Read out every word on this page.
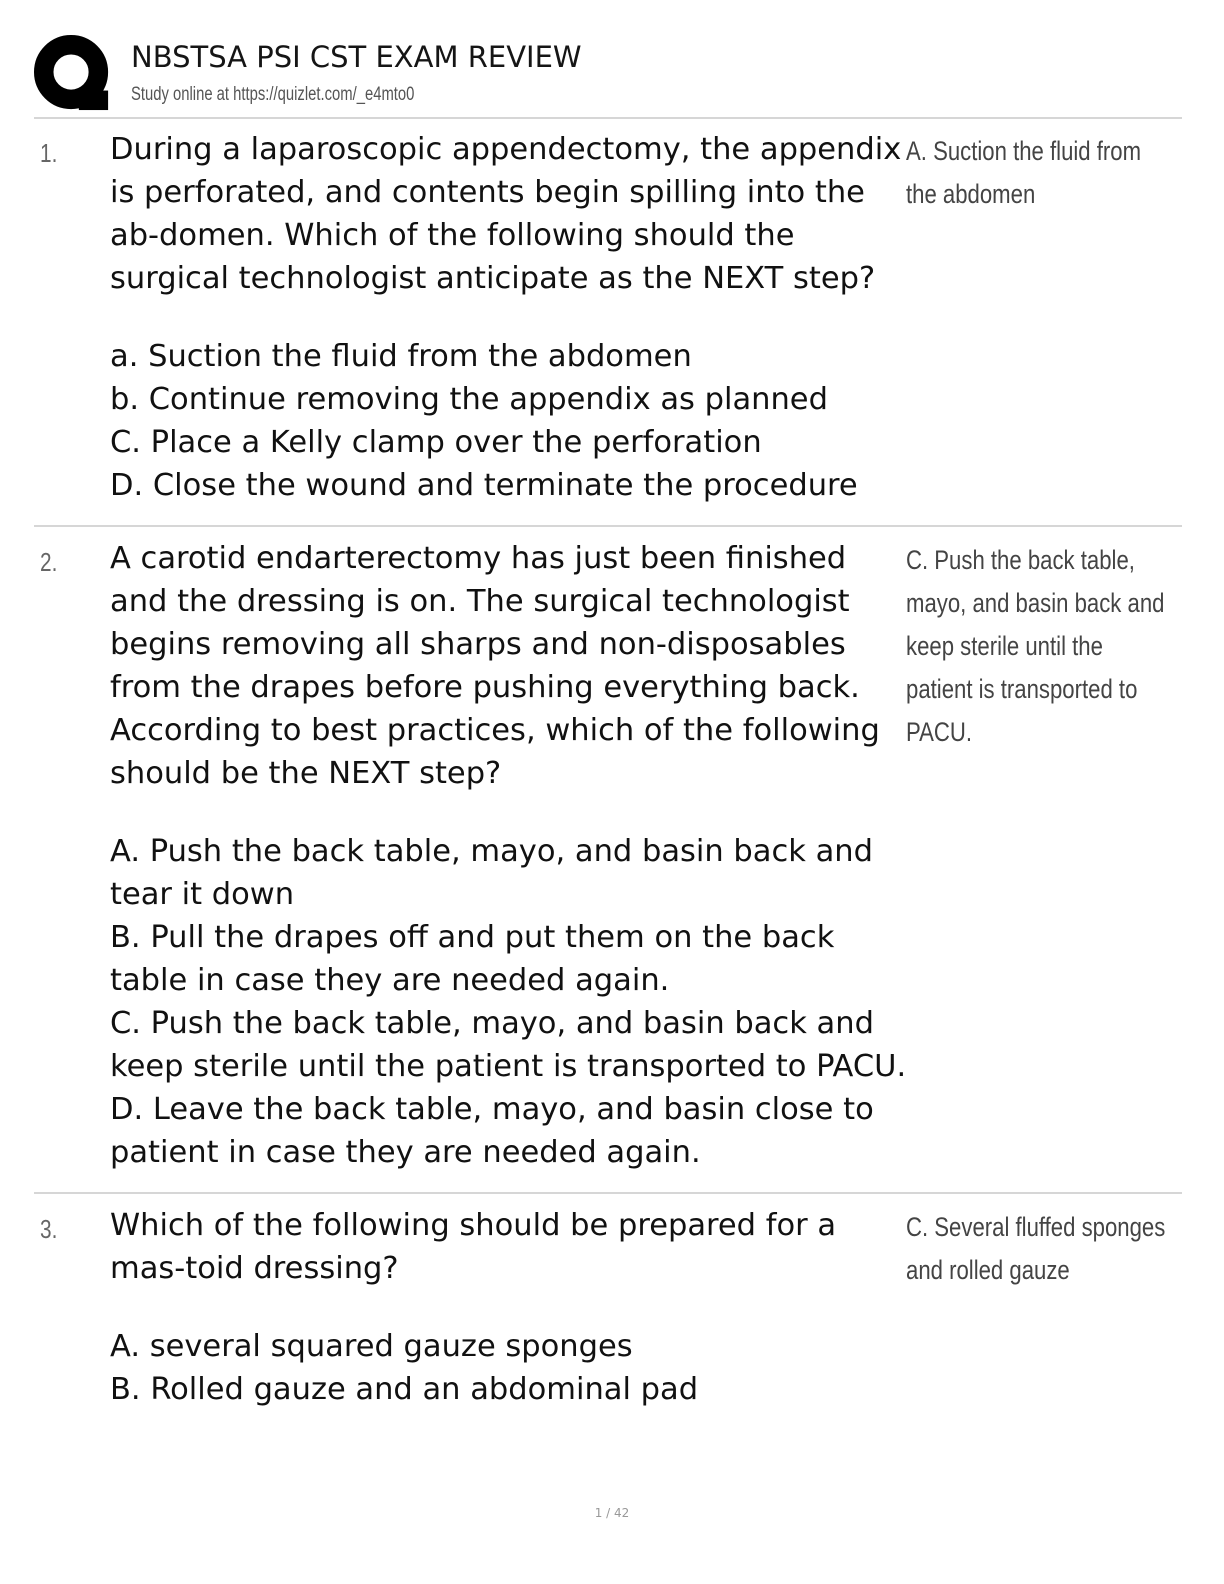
NBSTSA PSI CST EXAM REVIEW
Study online at https://quizlet.com/_e4mto0
1. During a laparoscopic appendectomy, the appendix is perforated, and contents begin spilling into the ab-domen. Which of the following should the surgical technologist anticipate as the NEXT step?

a. Suction the fluid from the abdomen

b. Continue removing the appendix as planned

C. Place a Kelly clamp over the perforation

D. Close the wound and terminate the procedure

A. Suction the fluid from the abdomen
2. A carotid endarterectomy has just been finished and the dressing is on. The surgical technologist begins removing all sharps and non-disposables from the drapes before pushing everything back. According to best practices, which of the following should be the NEXT step?

A. Push the back table, mayo, and basin back and tear it down

B. Pull the drapes off and put them on the back table in case they are needed again.

C. Push the back table, mayo, and basin back and keep sterile until the patient is transported to PACU.

D. Leave the back table, mayo, and basin close to patient in case they are needed again.

C. Push the back table, mayo, and basin back and keep sterile until the patient is transported to PACU.
3. Which of the following should be prepared for a mas-toid dressing?

A. several squared gauze sponges

B. Rolled gauze and an abdominal pad

C. Several fluffed sponges and rolled gauze
1 / 42
